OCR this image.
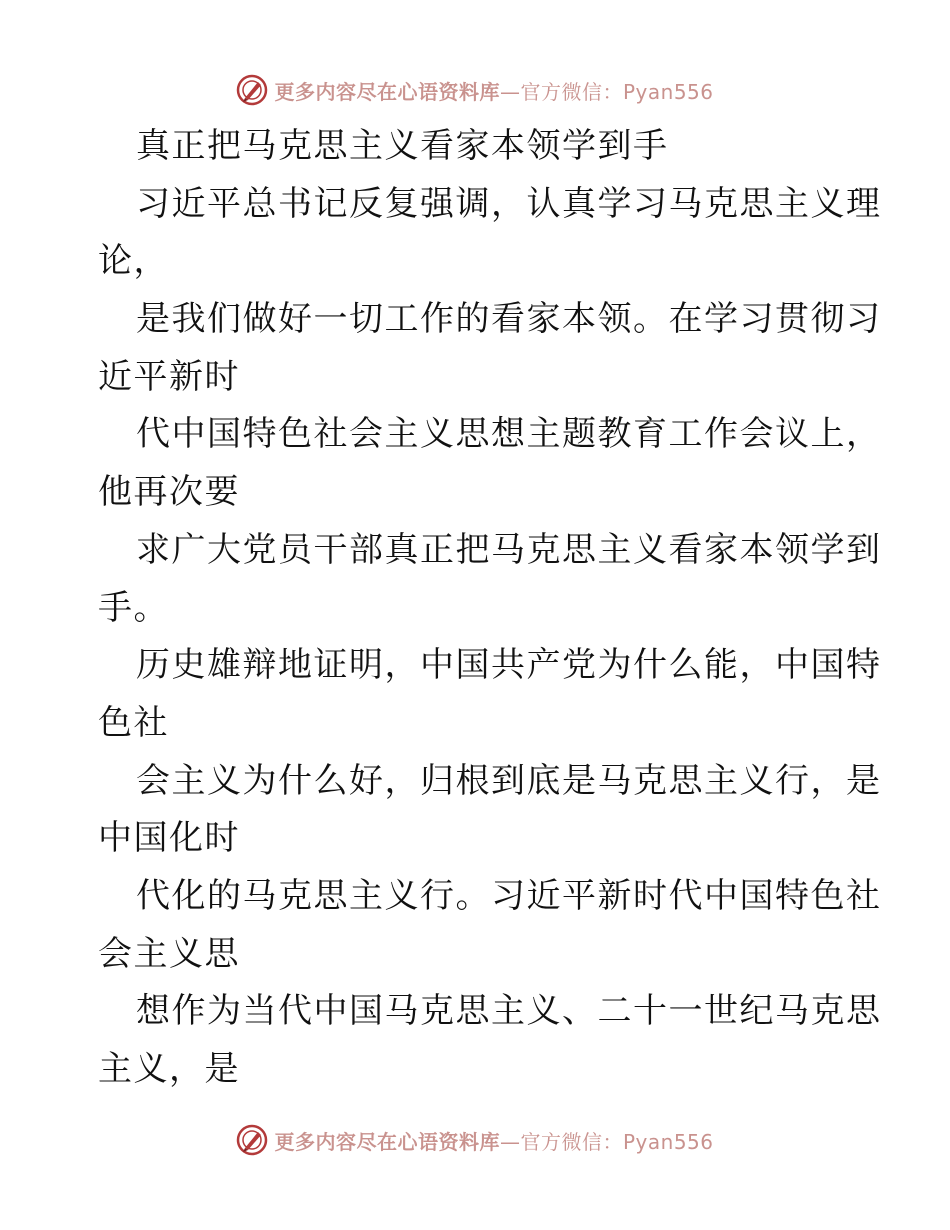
更多内容尽在心语资料库—官方微信：Pyan556
真正把马克思主义看家本领学到手
习近平总书记反复强调，认真学习马克思主义理
论，
是我们做好一切工作的看家本领。在学习贯彻习
近平新时
代中国特色社会主义思想主题教育工作会议上，
他再次要
求广大党员干部真正把马克思主义看家本领学到
手。
历史雄辩地证明，中国共产党为什么能，中国特
色社
会主义为什么好，归根到底是马克思主义行，是
中国化时
代化的马克思主义行。习近平新时代中国特色社
会主义思
想作为当代中国马克思主义、二十一世纪马克思
主义，是
更多内容尽在心语资料库—官方微信：Pyan556
